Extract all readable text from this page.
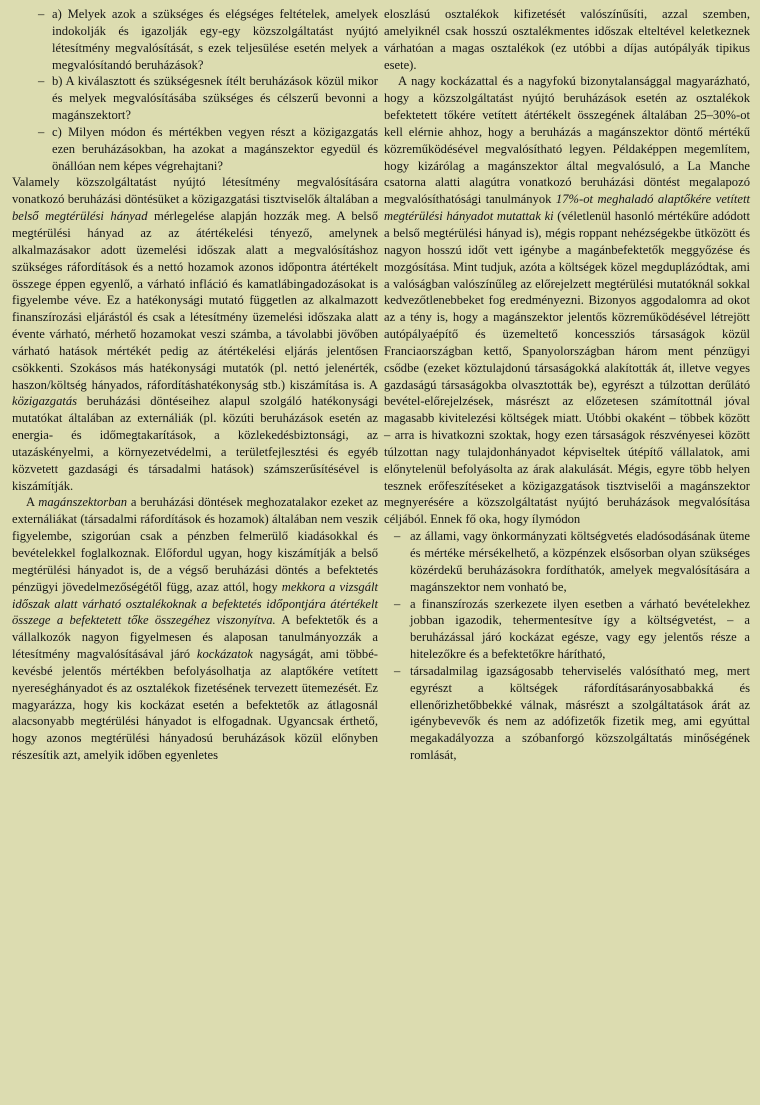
– a) Melyek azok a szükséges és elégséges feltételek, amelyek indokolják és igazolják egy-egy közszolgáltatást nyújtó létesítmény megvalósítását, s ezek teljesülése esetén melyek a megvalósítandó beruházások?
– b) A kiválasztott és szükségesnek ítélt beruházások közül mikor és melyek megvalósításába szükséges és célszerű bevonni a magánszektort?
– c) Milyen módon és mértékben vegyen részt a közigazgatás ezen beruházásokban, ha azokat a magánszektor egyedül és önállóan nem képes végrehajtani?

Valamely közszolgáltatást nyújtó létesítmény megvalósítására vonatkozó beruházási döntésüket a közigazgatási tisztviselők általában a belső megtérülési hányad mérlegelése alapján hozzák meg. A belső megtérülési hányad az az átértékelési tényező, amelynek alkalmazásakor adott üzemelési időszak alatt a megvalósításhoz szükséges ráfordítások és a nettó hozamok azonos időpontra átértékelt összege éppen egyenlő, a várható infláció és kamatlábingadozásokat is figyelembe véve. Ez a hatékonysági mutató független az alkalmazott finanszírozási eljárástól és csak a létesítmény üzemelési időszaka alatt évente várható, mérhető hozamokat veszi számba, a távolabbi jövőben várható hatások mértékét pedig az átértékelési eljárás jelentősen csökkenti. Szokásos más hatékonysági mutatók (pl. nettó jelenérték, haszon/költség hányados, ráfordításhatékonyság stb.) kiszámítása is. A közigazgatás beruházási döntéseihez alapul szolgáló hatékonysági mutatókat általában az externáliák (pl. közúti beruházások esetén az energia- és időmegtakarítások, a közlekedésbiztonsági, az utazáskényelmi, a környezetvédelmi, a területfejlesztési és egyéb közvetett gazdasági és társadalmi hatások) számszerűsítésével is kiszámítják.

A magánszektorban a beruházási döntések meghozatalakor ezeket az externáliákat (társadalmi ráfordítások és hozamok) általában nem veszik figyelembe, szigorúan csak a pénzben felmerülő kiadásokkal és bevételekkel foglalkoznak. Előfordul ugyan, hogy kiszámítják a belső megtérülési hányadot is, de a végső beruházási döntés a befektetés pénzügyi jövedelmezőségétől függ, azaz attól, hogy mekkora a vizsgált időszak alatt várható osztalékoknak a befektetés időpontjára átértékelt összege a befektetett tőke összegéhez viszonyítva. A befektetők és a vállalkozók nagyon figyelmesen és alaposan tanulmányozzák a létesítmény magvalósításával járó kockázatok nagyságát, ami többé-kevésbé jelentős mértékben befolyásolhatja az alaptőkére vetített nyereséghányadot és az osztalékok fizetésének tervezett ütemezését. Ez magyarázza, hogy kis kockázat esetén a befektetők az átlagosnál alacsonyabb megtérülési hányadot is elfogadnak. Ugyancsak érthető, hogy azonos megtérülési hányadosú beruházások közül előnyben részesítik azt, amelyik időben egyenletes

eloszlású osztalékok kifizetését valószínűsíti, azzal szemben, amelyiknél csak hosszú osztalékmentes időszak elteltével keletkeznek várhatóan a magas osztalékok (ez utóbbi a díjas autópályák tipikus esete).

A nagy kockázattal és a nagyfokú bizonytalansággal magyarázható, hogy a közszolgáltatást nyújtó beruházások esetén az osztalékok befektetett tőkére vetített átértékelt összegének általában 25–30%-ot kell elérnie ahhoz, hogy a beruházás a magánszektor döntő mértékű közreműködésével megvalósítható legyen. Példaképpen megemlítem, hogy kizárólag a magánszektor által megvalósuló, a La Manche csatorna alatti alagútra vonatkozó beruházási döntést megalapozó megvalósíthatósági tanulmányok 17%-ot meghaladó alaptőkére vetített megtérülési hányadot mutattak ki (véletlenül hasonló mértékűre adódott a belső megtérülési hányad is), mégis roppant nehézségekbe ütközött és nagyon hosszú időt vett igénybe a magánbefektetők meggyőzése és mozgósítása. Mint tudjuk, azóta a költségek közel megduplázódtak, ami a valóságban valószínűleg az előrejelzett megtérülési mutatóknál sokkal kedvezőtlenebbeket fog eredményezni. Bizonyos aggodalomra ad okot az a tény is, hogy a magánszektor jelentős közreműködésével létrejött autópályaépítő és üzemeltető koncessziós társaságok közül Franciaországban kettő, Spanyolországban három ment pénzügyi csődbe (ezeket köztulajdonú társaságokká alakították át, illetve vegyes gazdaságú társaságokba olvasztották be), egyrészt a túlzottan derűlátó bevétel-előrejelzések, másrészt az előzetesen számítottnál jóval magasabb kivitelezési költségek miatt. Utóbbi okaként – többek között – arra is hivatkozni szoktak, hogy ezen társaságok részvényesei között túlzottan nagy tulajdonhányadot képviseltek útépítő vállalatok, ami előnytelenül befolyásolta az árak alakulását. Mégis, egyre több helyen tesznek erőfeszítéseket a közigazgatások tisztviselői a magánszektor megnyerésére a közszolgáltatást nyújtó beruházások megvalósítása céljából. Ennek fő oka, hogy ílymódon

– az állami, vagy önkormányzati költségvetés eladósodásának üteme és mértéke mérsékelhető, a közpénzek elsősorban olyan szükséges közérdekű beruházásokra fordíthatók, amelyek megvalósítására a magánszektor nem vonható be,
– a finanszírozás szerkezete ilyen esetben a várható bevételekhez jobban igazodik, tehermentesítve így a költségvetést, – a beruházással járó kockázat egésze, vagy egy jelentős része a hitelezőkre és a befektetőkre hárítható,
– társadalmilag igazságosabb teherviselés valósítható meg, mert egyrészt a költségek ráfordításarányosabbakká és ellenőrizhetőbbekké válnak, másrészt a szolgáltatások árát az igénybevevők és nem az adófizetők fizetik meg, ami egyúttal megakadályozza a szóbanforgó közszolgáltatás minőségének romlását,
